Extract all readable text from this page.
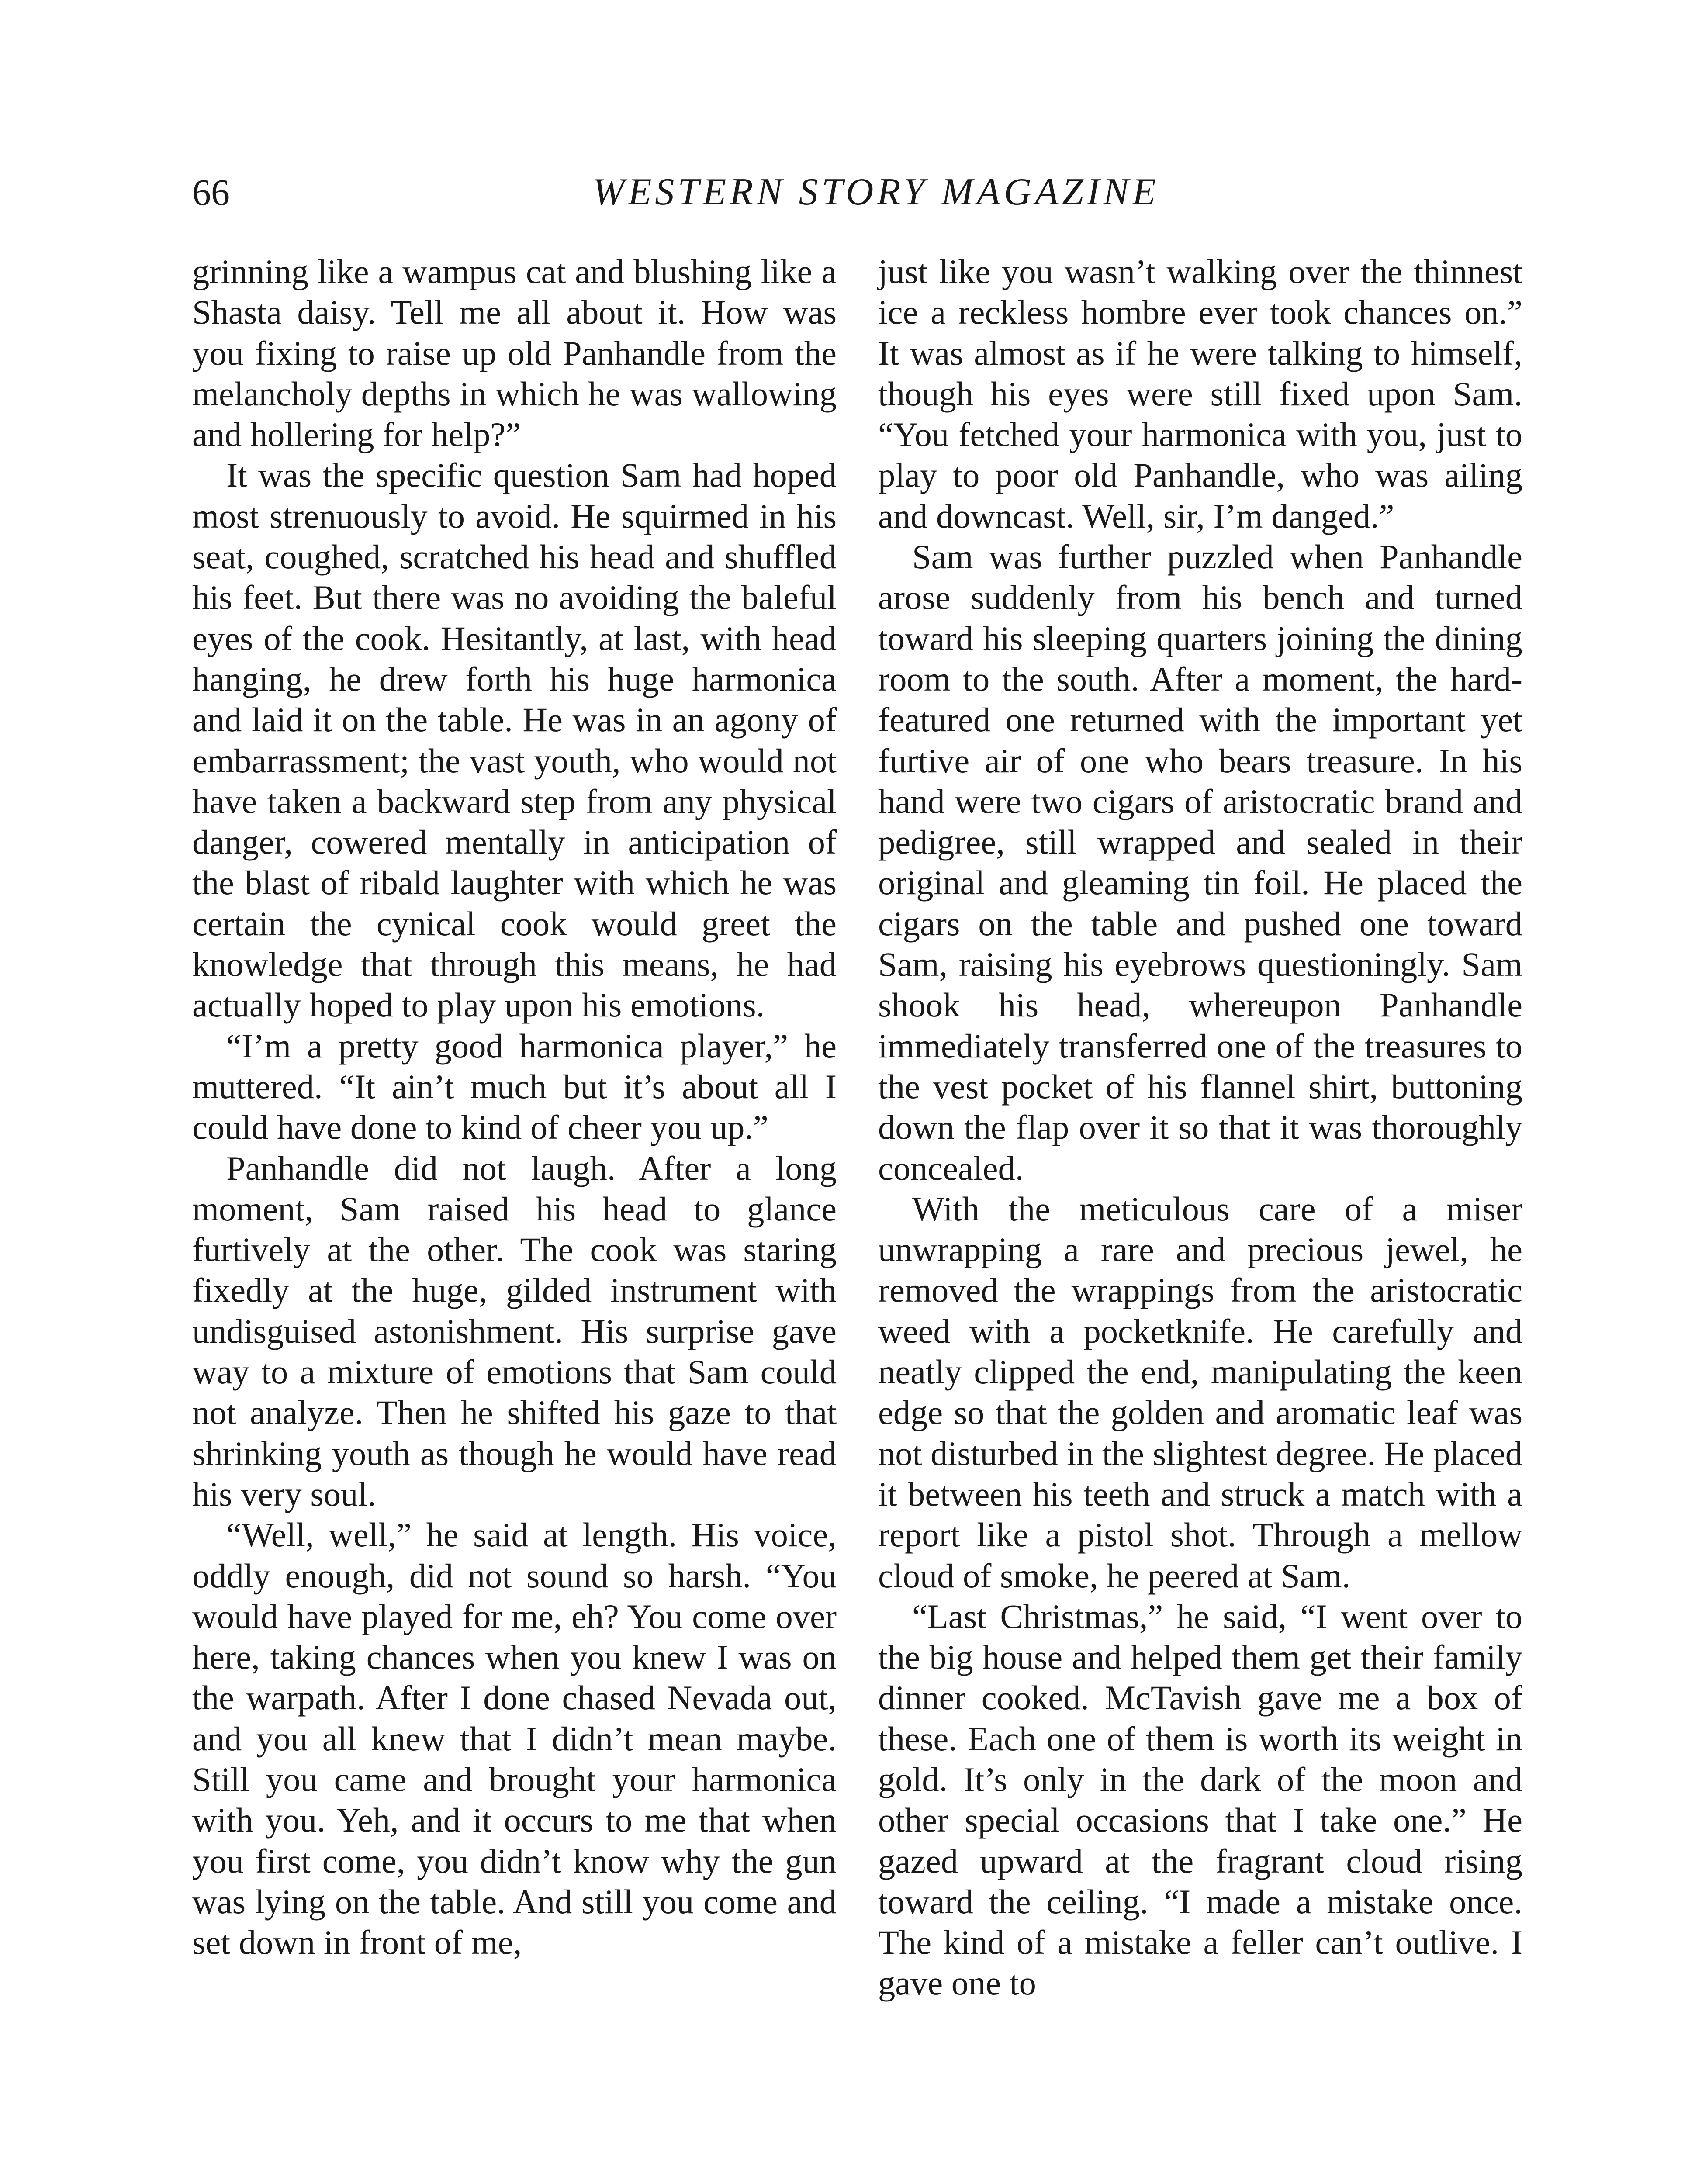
66	WESTERN STORY MAGAZINE

grinning like a wampus cat and blushing like a Shasta daisy. Tell me all about it. How was you fixing to raise up old Panhandle from the melancholy depths in which he was wallowing and hollering for help?”

It was the specific question Sam had hoped most strenuously to avoid. He squirmed in his seat, coughed, scratched his head and shuffled his feet. But there was no avoiding the baleful eyes of the cook. Hesitantly, at last, with head hanging, he drew forth his huge harmonica and laid it on the table. He was in an agony of embarrassment; the vast youth, who would not have taken a backward step from any physical danger, cowered mentally in anticipation of the blast of ribald laughter with which he was certain the cynical cook would greet the knowledge that through this means, he had actually hoped to play upon his emotions.

“I’m a pretty good harmonica player,” he muttered. “It ain’t much but it’s about all I could have done to kind of cheer you up.”

Panhandle did not laugh. After a long moment, Sam raised his head to glance furtively at the other. The cook was staring fixedly at the huge, gilded instrument with undisguised astonishment. His surprise gave way to a mixture of emotions that Sam could not analyze. Then he shifted his gaze to that shrinking youth as though he would have read his very soul.

“Well, well,” he said at length. His voice, oddly enough, did not sound so harsh. “You would have played for me, eh? You come over here, taking chances when you knew I was on the warpath. After I done chased Nevada out, and you all knew that I didn’t mean maybe. Still you came and brought your harmonica with you. Yeh, and it occurs to me that when you first come, you didn’t know why the gun was lying on the table. And still you come and set down in front of me,

just like you wasn’t walking over the thinnest ice a reckless hombre ever took chances on.” It was almost as if he were talking to himself, though his eyes were still fixed upon Sam. “You fetched your harmonica with you, just to play to poor old Panhandle, who was ailing and downcast. Well, sir, I’m danged.”

Sam was further puzzled when Panhandle arose suddenly from his bench and turned toward his sleeping quarters joining the dining room to the south. After a moment, the hard-featured one returned with the important yet furtive air of one who bears treasure. In his hand were two cigars of aristocratic brand and pedigree, still wrapped and sealed in their original and gleaming tin foil. He placed the cigars on the table and pushed one toward Sam, raising his eyebrows questioningly. Sam shook his head, whereupon Panhandle immediately transferred one of the treasures to the vest pocket of his flannel shirt, buttoning down the flap over it so that it was thoroughly concealed.

With the meticulous care of a miser unwrapping a rare and precious jewel, he removed the wrappings from the aristocratic weed with a pocketknife. He carefully and neatly clipped the end, manipulating the keen edge so that the golden and aromatic leaf was not disturbed in the slightest degree. He placed it between his teeth and struck a match with a report like a pistol shot. Through a mellow cloud of smoke, he peered at Sam.

“Last Christmas,” he said, “I went over to the big house and helped them get their family dinner cooked. McTavish gave me a box of these. Each one of them is worth its weight in gold. It’s only in the dark of the moon and other special occasions that I take one.” He gazed upward at the fragrant cloud rising toward the ceiling. “I made a mistake once. The kind of a mistake a feller can’t outlive. I gave one to
